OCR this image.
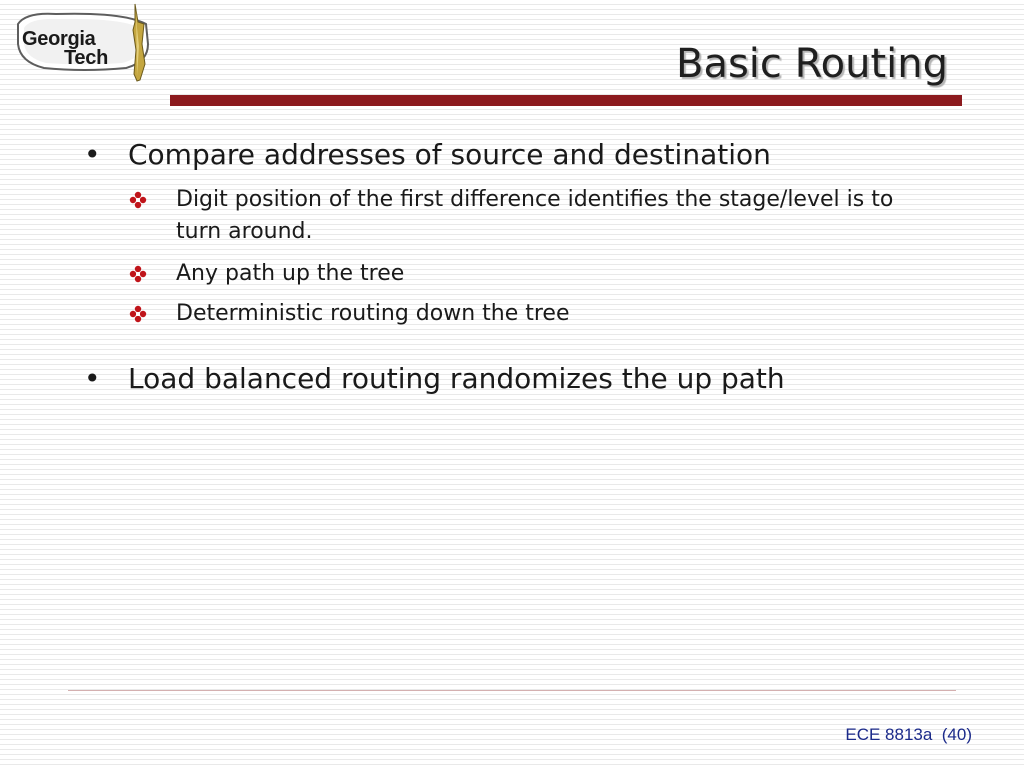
Georgia
Tech	Basic Routing
• Compare addresses of source and destination
Digit position of the first difference identifies the stage/level is to turn around.
Any path up the tree
Deterministic routing down the tree
• Load balanced routing randomizes the up path
ECE 8813a  (40)
